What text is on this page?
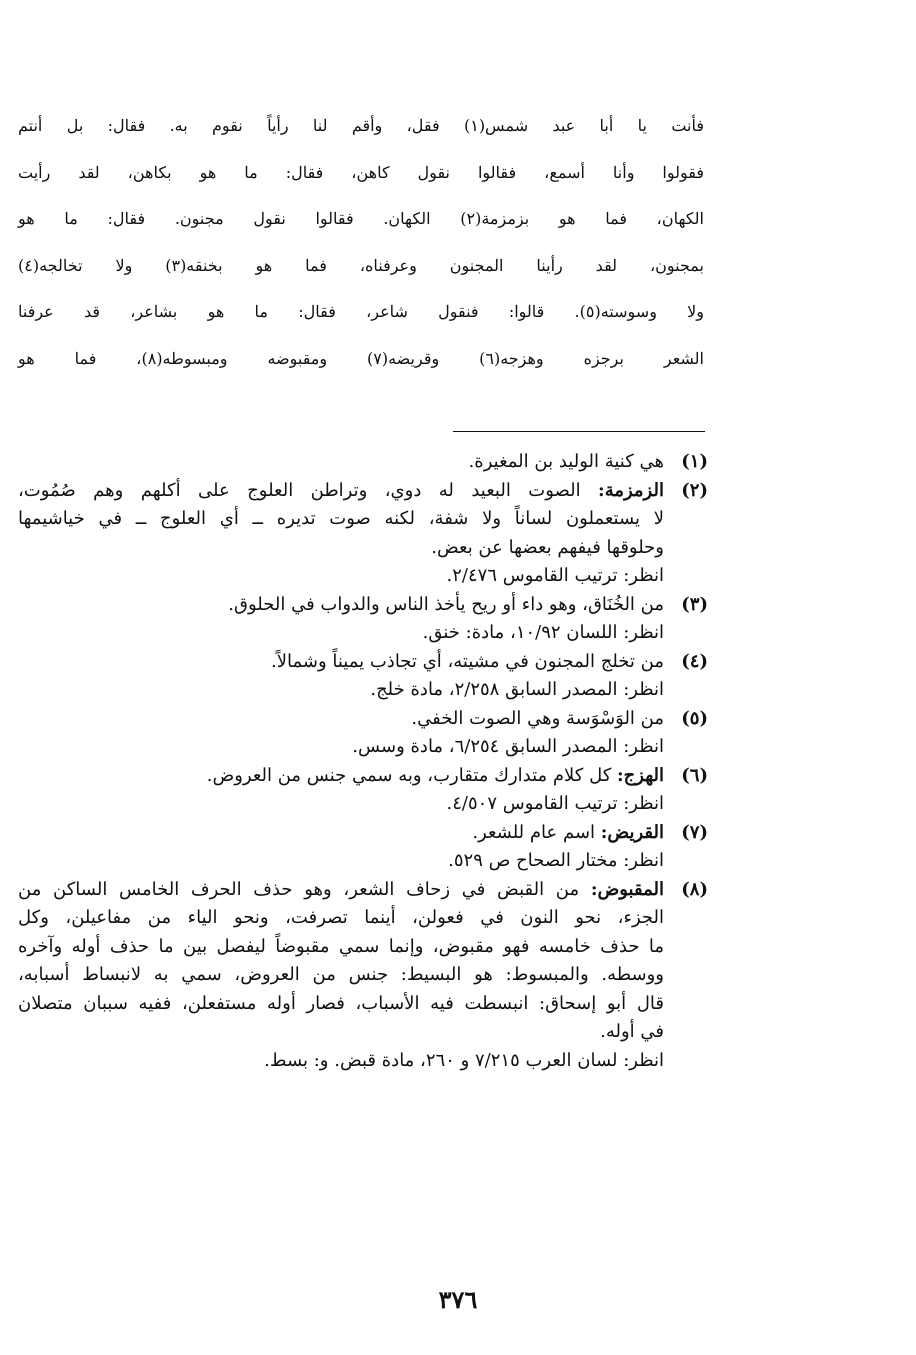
فأنت يا أبا عبد شمس(١) فقل، وأقم لنا رأياً نقوم به. فقال: بل أنتم
فقولوا وأنا أسمع، فقالوا نقول كاهن، فقال: ما هو بكاهن، لقد رأيت
الكهان، فما هو بزمزمة(٢) الكهان. فقالوا نقول مجنون. فقال: ما هو
بمجنون، لقد رأينا المجنون وعرفناه، فما هو بخنقه(٣) ولا تخالجه(٤)
ولا وسوسته(٥). قالوا: فنقول شاعر، فقال: ما هو بشاعر، قد عرفنا
الشعر برجزه وهزجه(٦) وقريضه(٧) ومقبوضه ومبسوطه(٨)، فما هو
(١)
هي كنية الوليد بن المغيرة.
(٢)
الزمزمة: الصوت البعيد له دوي، وتراطن العلوج على أكلهم وهم صُمُوت،
لا يستعملون لساناً ولا شفة، لكنه صوت تديره ــ أي العلوج ــ في خياشيمها
وحلوقها فيفهم بعضها عن بعض.
انظر: ترتيب القاموس ٢/٤٧٦.
(٣)
من الخُنَاق، وهو داء أو ريح يأخذ الناس والدواب في الحلوق.
انظر: اللسان ١٠/٩٢، مادة: خنق.
(٤)
من تخلج المجنون في مشيته، أي تجاذب يميناً وشمالاً.
انظر: المصدر السابق ٢/٢٥٨، مادة خلج.
(٥)
من الوَسْوَسة وهي الصوت الخفي.
انظر: المصدر السابق ٦/٢٥٤، مادة وسس.
(٦)
الهزج: كل كلام متدارك متقارب، وبه سمي جنس من العروض.
انظر: ترتيب القاموس ٤/٥٠٧.
(٧)
القريض: اسم عام للشعر.
انظر: مختار الصحاح ص ٥٢٩.
(٨)
المقبوض: من القبض في زحاف الشعر، وهو حذف الحرف الخامس الساكن من
الجزء، نحو النون في فعولن، أينما تصرفت، ونحو الياء من مفاعيلن، وكل
ما حذف خامسه فهو مقبوض، وإنما سمي مقبوضاً ليفصل بين ما حذف أوله وآخره
ووسطه. والمبسوط: هو البسيط: جنس من العروض، سمي به لانبساط أسبابه،
قال أبو إسحاق: انبسطت فيه الأسباب، فصار أوله مستفعلن، ففيه سببان متصلان
في أوله.
انظر: لسان العرب ٧/٢١٥ و ٢٦٠، مادة قبض. و: بسط.
٣٧٦
